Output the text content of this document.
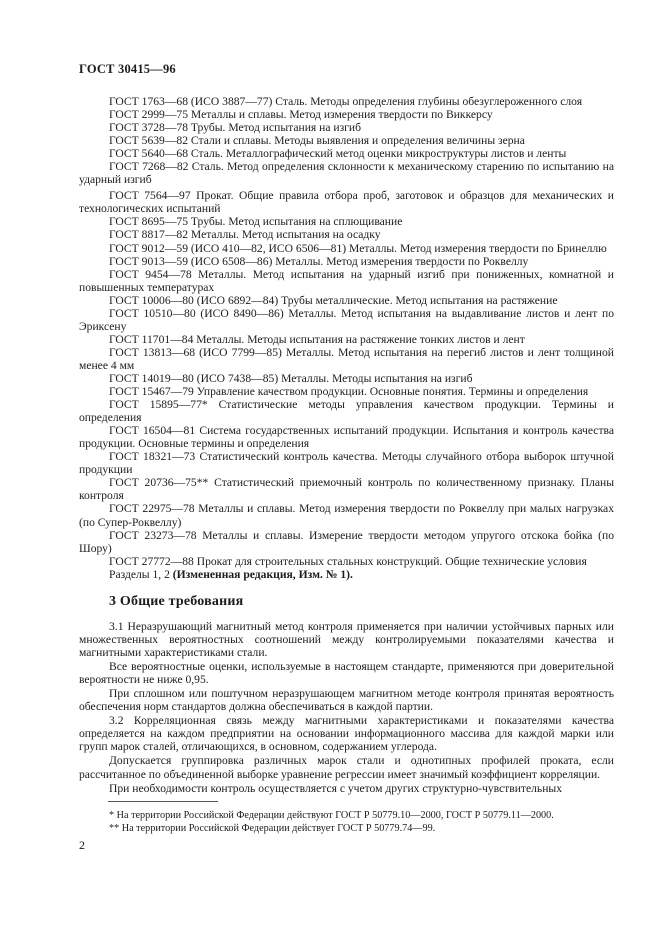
ГОСТ 30415—96

ГОСТ 1763—68 (ИСО 3887—77) Сталь. Методы определения глубины обезуглероженного слоя

ГОСТ 2999—75 Металлы и сплавы. Метод измерения твердости по Виккерсу

ГОСТ 3728—78 Трубы. Метод испытания на изгиб

ГОСТ 5639—82 Стали и сплавы. Методы выявления и определения величины зерна

ГОСТ 5640—68 Сталь. Металлографический метод оценки микроструктуры листов и ленты

ГОСТ 7268—82 Сталь. Метод определения склонности к механическому старению по испытанию на ударный изгиб

ГОСТ 7564—97 Прокат. Общие правила отбора проб, заготовок и образцов для механических и технологических испытаний

ГОСТ 8695—75 Трубы. Метод испытания на сплющивание

ГОСТ 8817—82 Металлы. Метод испытания на осадку

ГОСТ 9012—59 (ИСО 410—82, ИСО 6506—81) Металлы. Метод измерения твердости по Бринеллю

ГОСТ 9013—59 (ИСО 6508—86) Металлы. Метод измерения твердости по Роквеллу

ГОСТ 9454—78 Металлы. Метод испытания на ударный изгиб при пониженных, комнатной и повышенных температурах

ГОСТ 10006—80 (ИСО 6892—84) Трубы металлические. Метод испытания на растяжение

ГОСТ 10510—80 (ИСО 8490—86) Металлы. Метод испытания на выдавливание листов и лент по Эриксену

ГОСТ 11701—84 Металлы. Методы испытания на растяжение тонких листов и лент

ГОСТ 13813—68 (ИСО 7799—85) Металлы. Метод испытания на перегиб листов и лент толщиной менее 4 мм

ГОСТ 14019—80 (ИСО 7438—85) Металлы. Методы испытания на изгиб

ГОСТ 15467—79 Управление качеством продукции. Основные понятия. Термины и определения

ГОСТ 15895—77* Статистические методы управления качеством продукции. Термины и определения

ГОСТ 16504—81 Система государственных испытаний продукции. Испытания и контроль качества продукции. Основные термины и определения

ГОСТ 18321—73 Статистический контроль качества. Методы случайного отбора выборок штучной продукции

ГОСТ 20736—75** Статистический приемочный контроль по количественному признаку. Планы контроля

ГОСТ 22975—78 Металлы и сплавы. Метод измерения твердости по Роквеллу при малых нагрузках (по Супер-Роквеллу)

ГОСТ 23273—78 Металлы и сплавы. Измерение твердости методом упругого отскока бойка (по Шору)

ГОСТ 27772—88 Прокат для строительных стальных конструкций. Общие технические условия

Разделы 1, 2 (Измененная редакция, Изм. № 1).

3 Общие требования

3.1 Неразрушающий магнитный метод контроля применяется при наличии устойчивых парных или множественных вероятностных соотношений между контролируемыми показателями качества и магнитными характеристиками стали.

Все вероятностные оценки, используемые в настоящем стандарте, применяются при доверительной вероятности не ниже 0,95.

При сплошном или поштучном неразрушающем магнитном методе контроля принятая вероятность обеспечения норм стандартов должна обеспечиваться в каждой партии.

3.2 Корреляционная связь между магнитными характеристиками и показателями качества определяется на каждом предприятии на основании информационного массива для каждой марки или групп марок сталей, отличающихся, в основном, содержанием углерода.

Допускается группировка различных марок стали и однотипных профилей проката, если рассчитанное по объединенной выборке уравнение регрессии имеет значимый коэффициент корреляции.

При необходимости контроль осуществляется с учетом других структурно-чувствительных

* На территории Российской Федерации действуют ГОСТ Р 50779.10—2000, ГОСТ Р 50779.11—2000.

** На территории Российской Федерации действует ГОСТ Р 50779.74—99.

2
